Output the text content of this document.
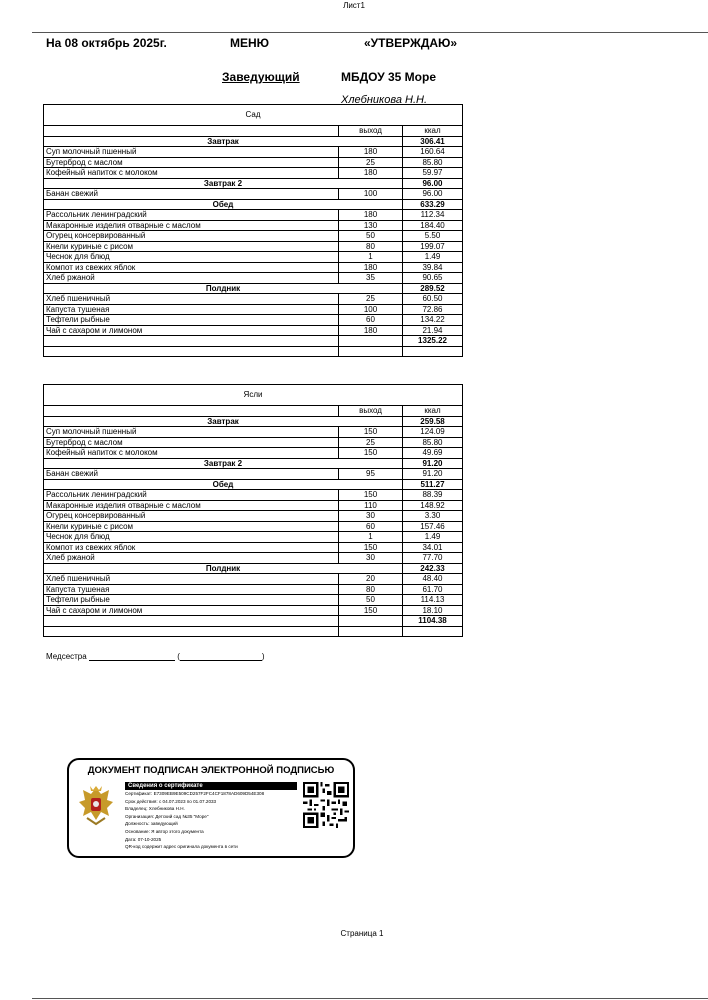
Лист1
На 08 октябрь 2025г.	МЕНЮ	«УТВЕРЖДАЮ»
Заведующий	МБДОУ 35 Море
Хлебникова Н.Н.
Сад		
	выход	ккал
Завтрак		306.41
Суп молочный пшенный	180	160.64
Бутерброд с маслом	25	85.80
Кофейный напиток с молоком	180	59.97
Завтрак 2		96.00
Банан свежий	100	96.00
Обед		633.29
Рассольник ленинградский	180	112.34
Макаронные изделия отварные с маслом	130	184.40
Огурец консервированный	50	5.50
Кнели куриные с рисом	80	199.07
Чеснок для блюд	1	1.49
Компот из свежих яблок	180	39.84
Хлеб ржаной	35	90.65
Полдник		289.52
Хлеб пшеничный	25	60.50
Капуста тушеная	100	72.86
Тефтели рыбные	60	134.22
Чай с сахаром и лимоном	180	21.94
		1325.22

Ясли		
	выход	ккал
Завтрак		259.58
Суп молочный пшенный	150	124.09
Бутерброд с маслом	25	85.80
Кофейный напиток с молоком	150	49.69
Завтрак 2		91.20
Банан свежий	95	91.20
Обед		511.27
Рассольник ленинградский	150	88.39
Макаронные изделия отварные с маслом	110	148.92
Огурец консервированный	30	3.30
Кнели куриные с рисом	60	157.46
Чеснок для блюд	1	1.49
Компот из свежих яблок	150	34.01
Хлеб ржаной	30	77.70
Полдник		242.33
Хлеб пшеничный	20	48.40
Капуста тушеная	80	61.70
Тефтели рыбные	50	114.13
Чай с сахаром и лимоном	150	18.10
		1104.38

Медсестра	(	)
ДОКУМЕНТ ПОДПИСАН ЭЛЕКТРОННОЙ ПОДПИСЬЮ
Сведения о сертификате
Сертификат: E7309EB9E509CD257F2FC4CF1878AD609D54E308
Срок действия: с 04.07.2023 по 01.07.2033
Владелец: Хлебникова Н.Н.
Организация: Детский сад №35 "Море"
Должность: заведующий
Основание: Я автор этого документа
Дата: 07-10-2025
QR-код содержит адрес оригинала документа в сети
Страница 1
